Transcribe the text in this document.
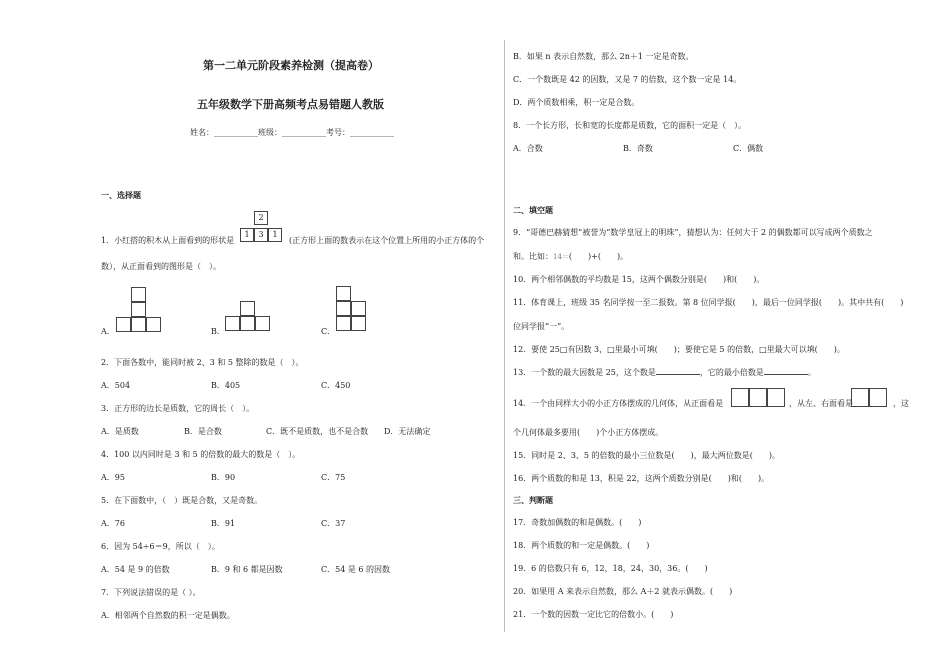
第一二单元阶段素养检测（提高卷）
五年级数学下册高频考点易错题人教版
姓名：___________班级：___________考号：___________
一、选择题
1．小红搭的积木从上面看到的形状是
2
1	3	1
(正方形上面的数表示在这个位置上所用的小正方体的个
数），从正面看到的图形是（　）。
A．	B．	C．
2．下面各数中，能同时被 2、3 和 5 整除的数是（　）。
A．504	B．405	C．450
3．正方形的边长是质数，它的周长（　）。
A．是质数	B．是合数	C．既不是质数，也不是合数 D．无法确定
4．100 以内同时是 3 和 5 的倍数的最大的数是（　）。
A．95	B．90	C．75
5．在下面数中，（　）既是合数，又是奇数。
A．76	B．91	C．37
6．因为 54÷6＝9，所以（　）。
A．54 是 9 的倍数	B．9 和 6 都是因数	C．54 是 6 的因数
7．下列说法错误的是（ ）。
A．相邻两个自然数的积一定是偶数。
B．如果 n 表示自然数，那么 2n＋1 一定是奇数。
C．一个数既是 42 的因数，又是 7 的倍数，这个数一定是 14。
D．两个质数相乘，积一定是合数。
8．一个长方形，长和宽的长度都是质数，它的面积一定是（　）。
A．合数	B．奇数	C．偶数
二、填空题
9．“哥德巴赫猜想”被誉为“数学皇冠上的明珠”，猜想认为：任何大于 2 的偶数都可以写成两个质数之
和。比如：14＝(　　)+(　　)。
10．两个相邻偶数的平均数是 15，这两个偶数分别是(　　)和(　　)。
11．体育课上，班级 35 名同学按一至二报数。第 8 位同学报(　　)，最后一位同学报(　　)。其中共有(　　)
位同学报“一”。
12．要使 25□有因数 3，□里最小可填(　　)；要使它是 5 的倍数，□里最大可以填(　　)。
13．一个数的最大因数是 25，这个数是	，它的最小倍数是	。
14．一个由同样大小的小正方体摆成的几何体，从正面看是	，从左、右面看是	，这
个几何体最多要用(　　)个小正方体摆成。
15．同时是 2、3、5 的倍数的最小三位数是(　　)，最大两位数是(　　)。
16．两个质数的和是 13，积是 22，这两个质数分别是(　　)和(　　)。
三、判断题
17．奇数加偶数的和是偶数。(　　)
18．两个质数的和一定是偶数。(　　)
19．6 的倍数只有 6，12，18，24，30，36。(　　)
20．如果用 A 来表示自然数，那么 A＋2 就表示偶数。(　　)
21．一个数的因数一定比它的倍数小。(　　)
